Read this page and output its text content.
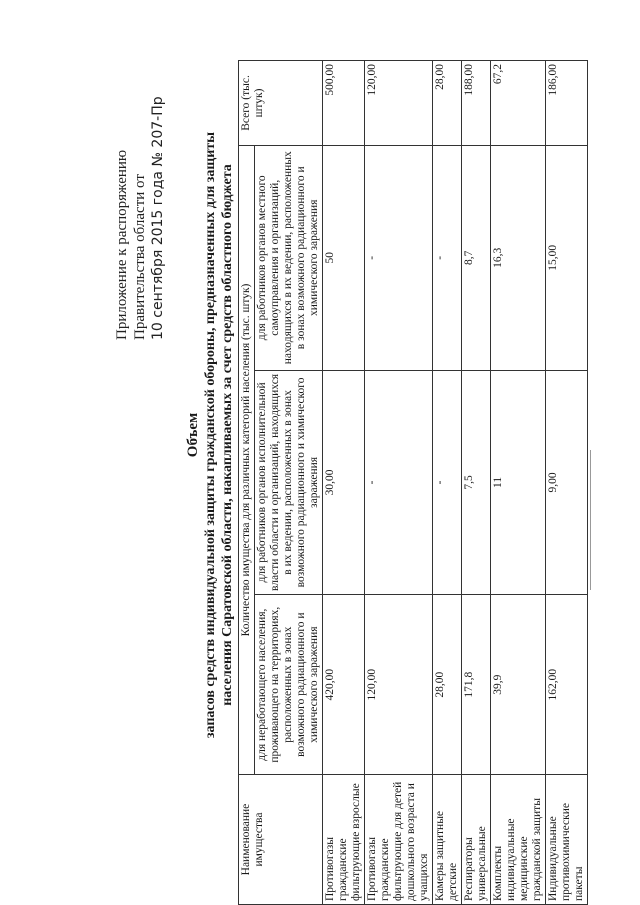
Приложение к распоряжению Правительства области от 10 сентября 2015 года № 207-Пр
Объем запасов средств индивидуальной защиты гражданской обороны, предназначенных для защиты населения Саратовской области, накапливаемых за счет средств областного бюджета
Наименование имущества	Количество имущества для различных категорий населения (тыс. штук)			Всего (тыс. штук)
	для неработающего населения, проживающего на территориях, расположенных в зонах возможного радиационного и химического заражения	для работников органов исполнительной власти области и организаций, находящихся в их ведении, расположенных в зонах возможного радиационного и химического заражения	для работников органов местного самоуправления и организаций, находящихся в их ведении, расположенных в зонах возможного радиационного и химического заражения	
Противогазы гражданские фильтрующие взрослые	420,00	30,00	50	500,00
Противогазы гражданские фильтрующие для детей дошкольного возраста и учащихся	120,00	-	-	120,00
Камеры защитные детские	28,00	-	-	28,00
Респираторы универсальные	171,8	7,5	8,7	188,00
Комплекты индивидуальные медицинские гражданской защиты	39,9	11	16,3	67,2
Индивидуальные противохимические пакеты	162,00	9,00	15,00	186,00
